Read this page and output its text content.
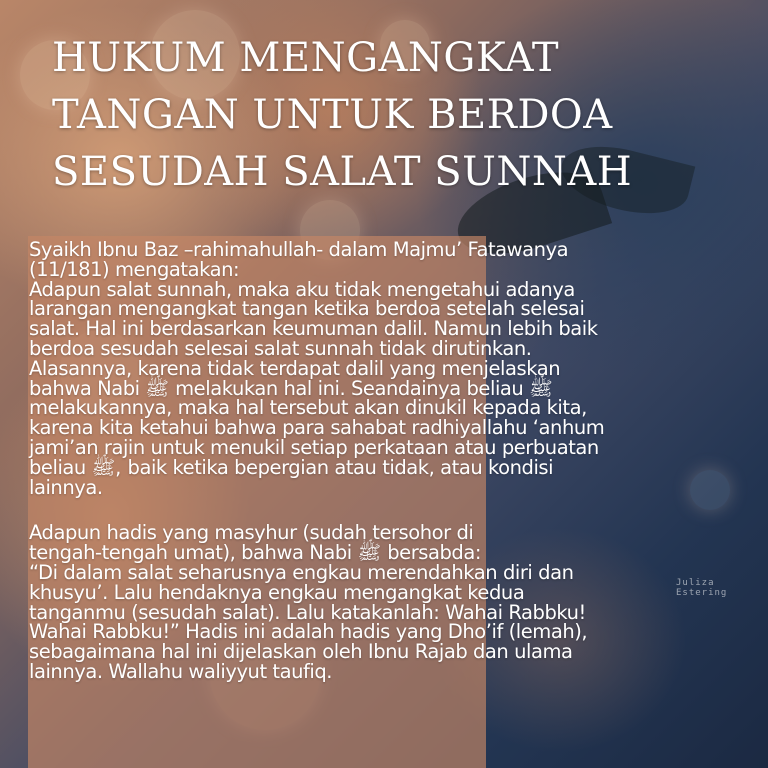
HUKUM MENGANGKAT
TANGAN UNTUK BERDOA
SESUDAH SALAT SUNNAH
Syaikh Ibnu Baz –rahimahullah- dalam Majmu’ Fatawanya
(11/181) mengatakan:
Adapun salat sunnah, maka aku tidak mengetahui adanya
larangan mengangkat tangan ketika berdoa setelah selesai
salat. Hal ini berdasarkan keumuman dalil. Namun lebih baik
berdoa sesudah selesai salat sunnah tidak dirutinkan.
Alasannya, karena tidak terdapat dalil yang menjelaskan
bahwa Nabi ﷺ melakukan hal ini. Seandainya beliau ﷺ
melakukannya, maka hal tersebut akan dinukil kepada kita,
karena kita ketahui bahwa para sahabat radhiyallahu ‘anhum
jami’an rajin untuk menukil setiap perkataan atau perbuatan
beliau ﷺ, baik ketika bepergian atau tidak, atau kondisi
lainnya.
Adapun hadis yang masyhur (sudah tersohor di
tengah-tengah umat), bahwa Nabi ﷺ bersabda:
“Di dalam salat seharusnya engkau merendahkan diri dan
khusyu’. Lalu hendaknya engkau mengangkat kedua
tanganmu (sesudah salat). Lalu katakanlah: Wahai Rabbku!
Wahai Rabbku!” Hadis ini adalah hadis yang Dho’if (lemah),
sebagaimana hal ini dijelaskan oleh Ibnu Rajab dan ulama
lainnya. Wallahu waliyyut taufiq.
Juliza Estering
